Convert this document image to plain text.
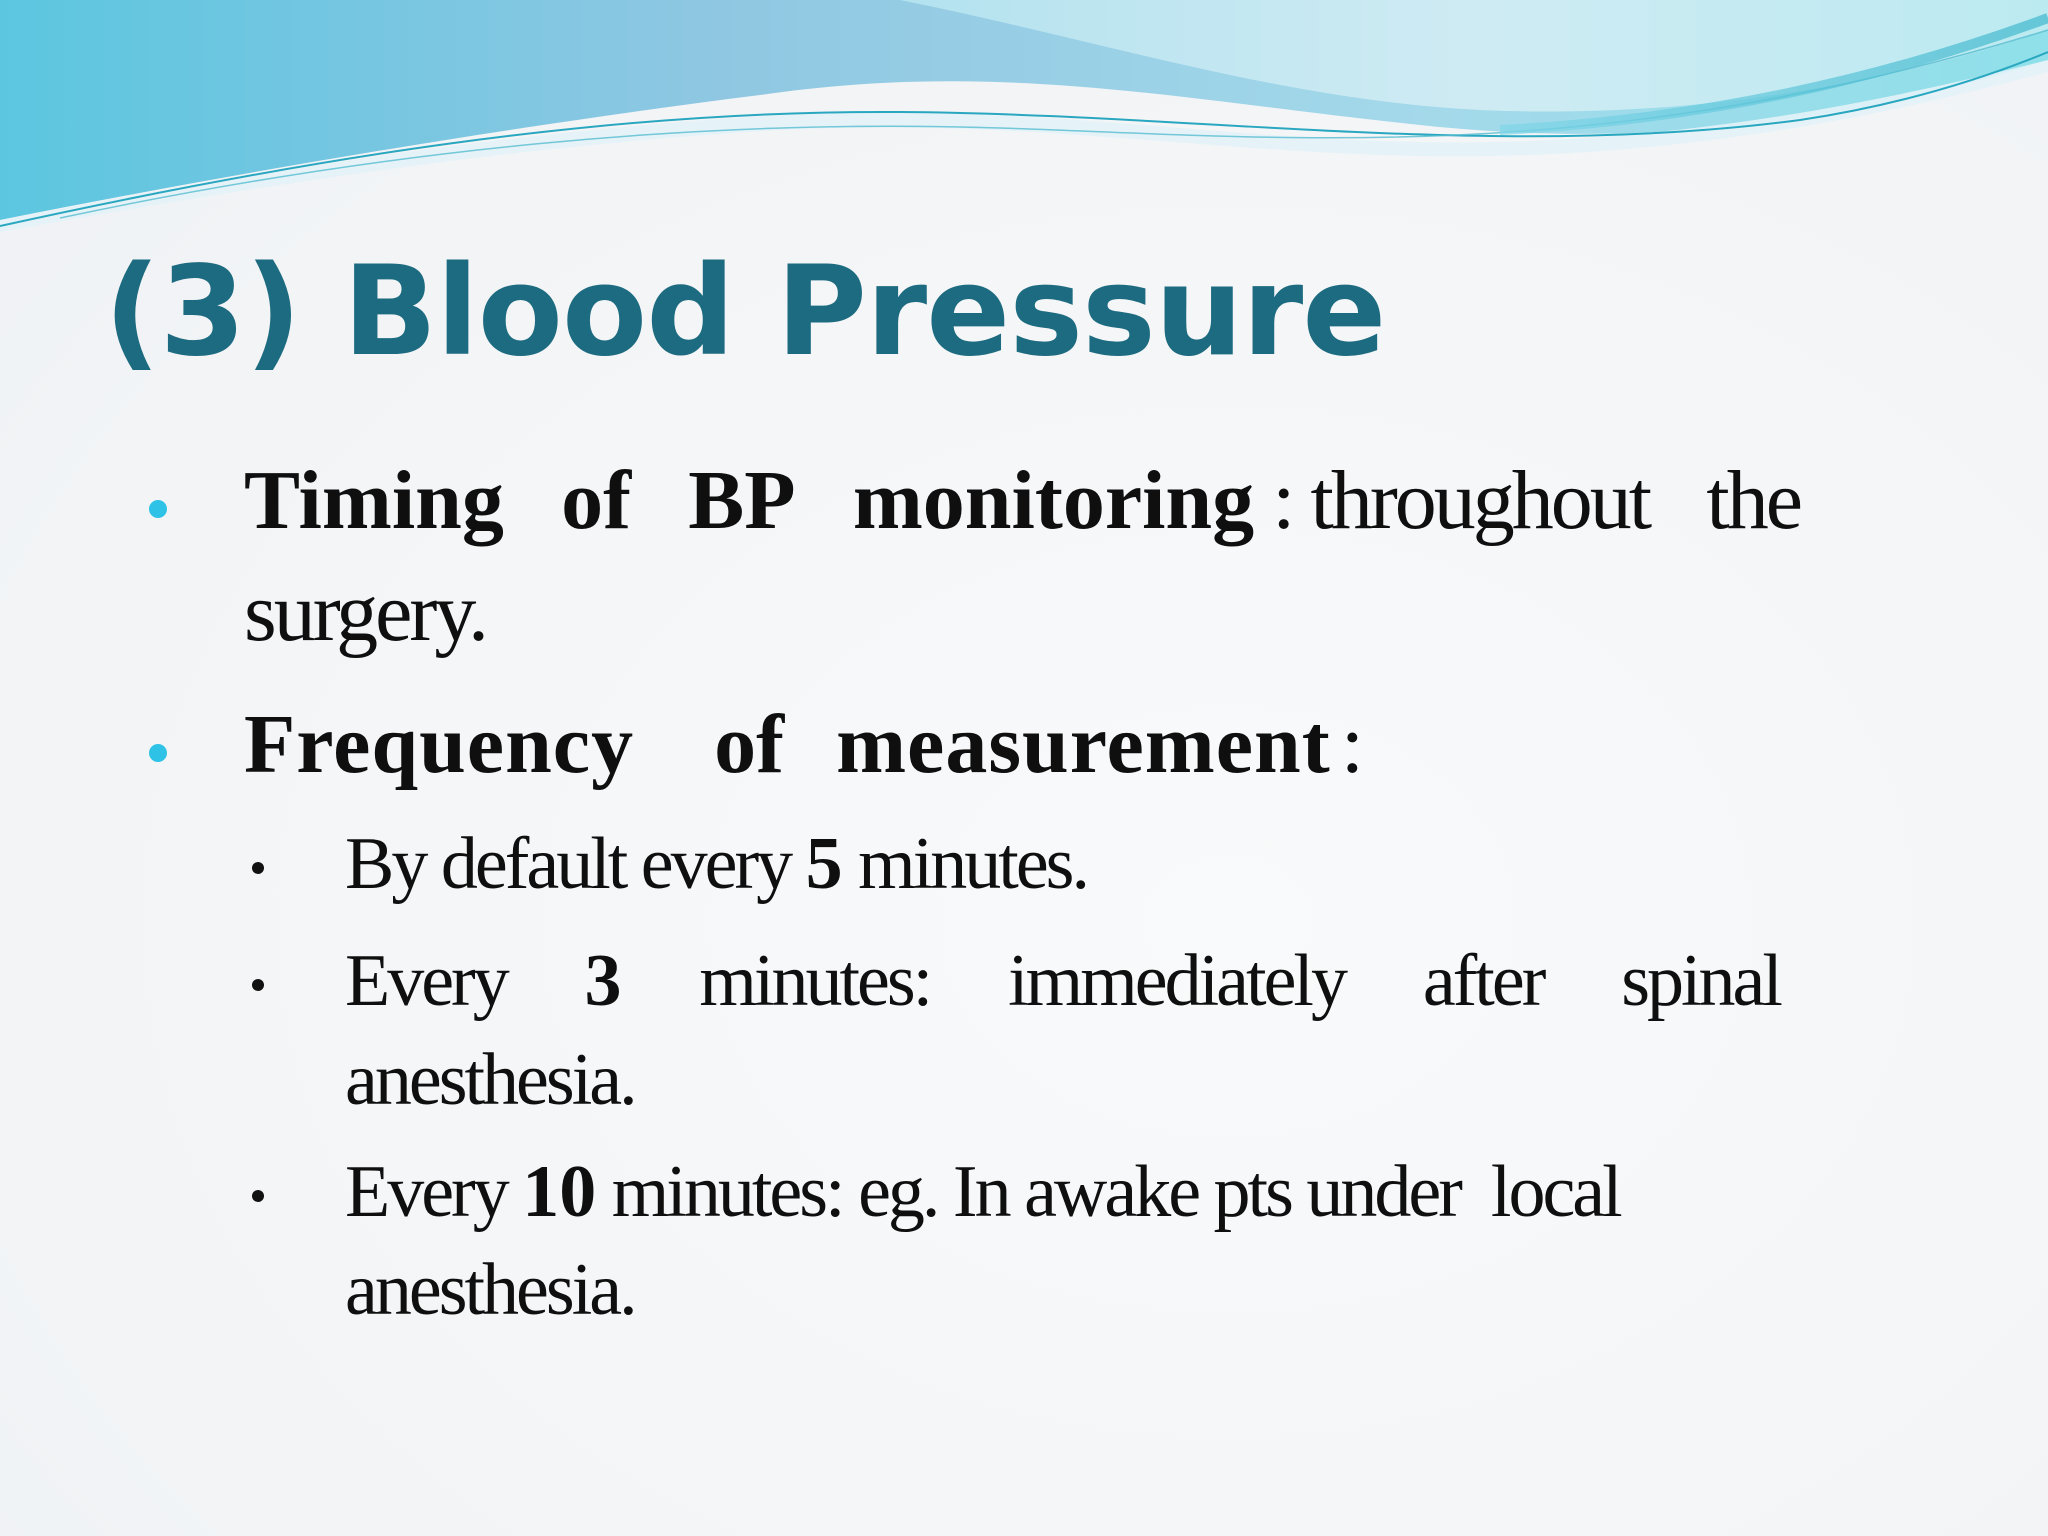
(3) Blood Pressure
Timing of BP monitoring : throughout the
surgery.
Frequency of measurement :
By default every 5 minutes.
Every 3 minutes: immediately after spinal
anesthesia.
Every 10 minutes: eg. In awake pts under  local
anesthesia.
